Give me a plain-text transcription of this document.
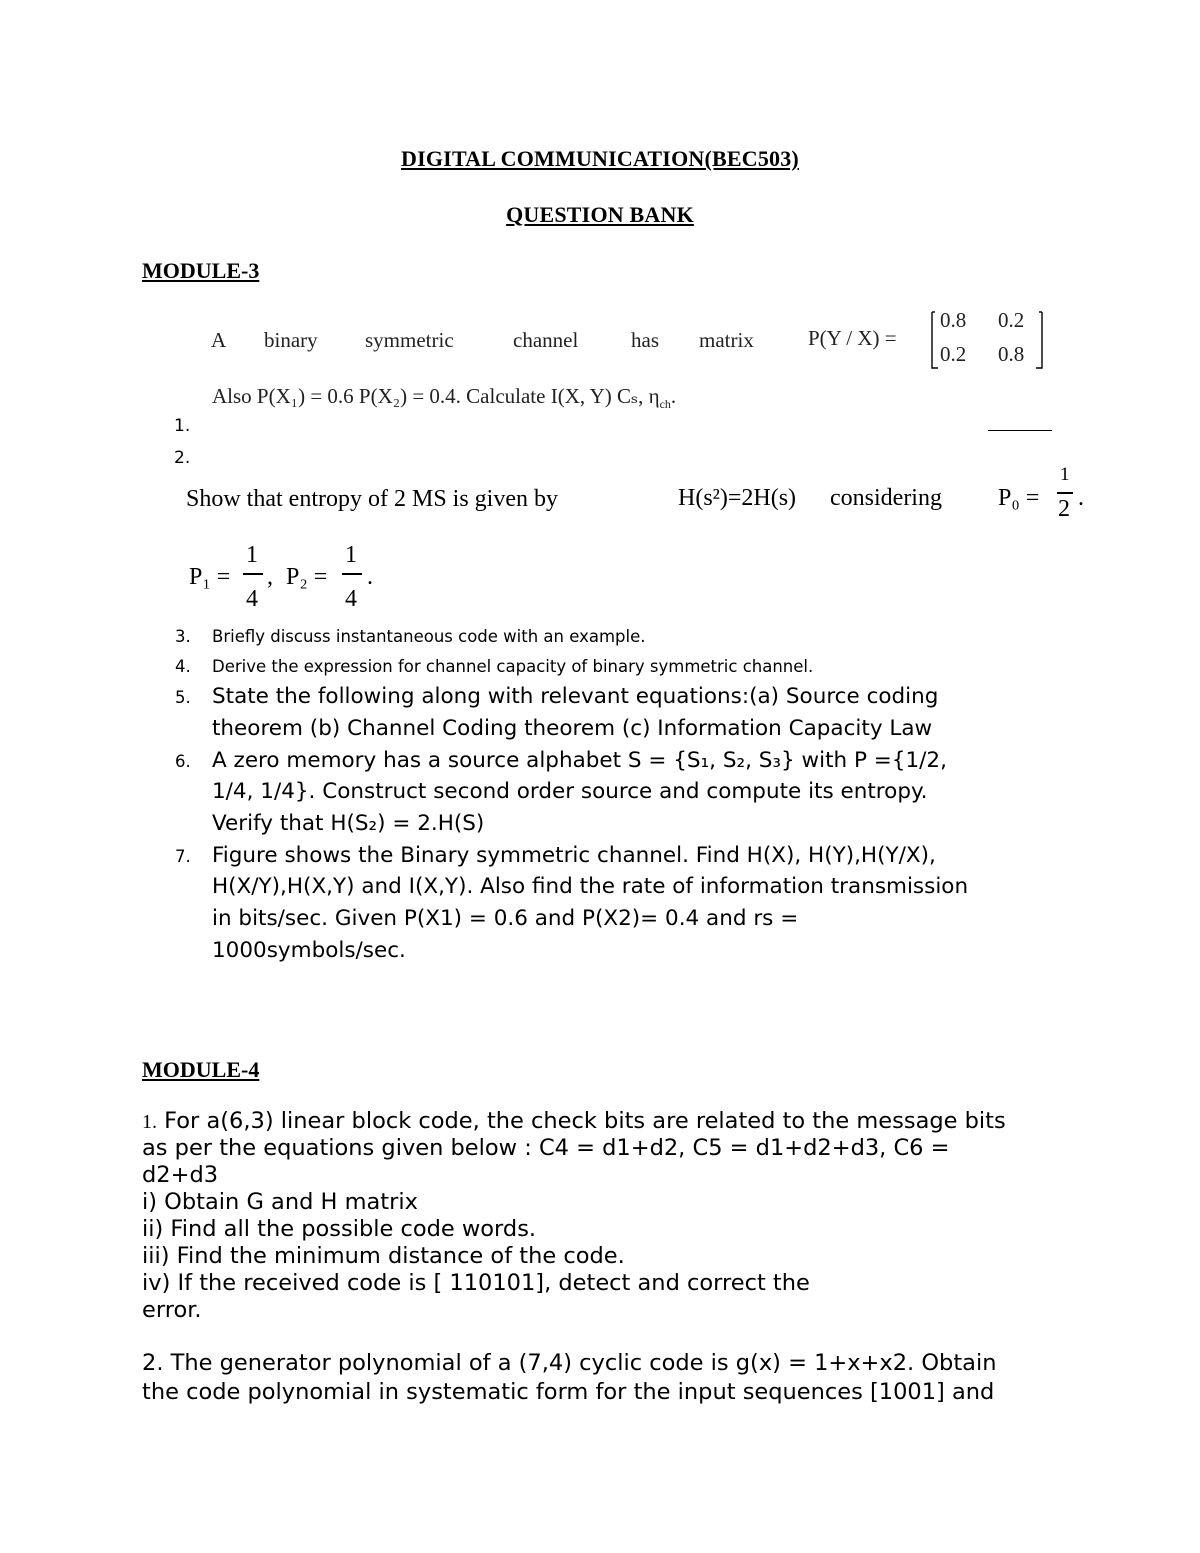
DIGITAL COMMUNICATION(BEC503)
QUESTION BANK
MODULE-3
A binary symmetric	channel	has matrix	P(Y / X) =
0.8 0.2
0.2 0.8
Also P(X₁) = 0.6 P(X₂) = 0.4. Calculate I(X, Y) Cₛ, $\eta_{ch}$.
1.
2.
Show that entropy of 2 MS is given by	H(s²)=2H(s) considering P₀ =
1
2 .
P₁ =
1
4
, P₂ =
1
4
.
3. Briefly discuss instantaneous code with an example.
4. Derive the expression for channel capacity of binary symmetric channel.
5. State the following along with relevant equations:(a) Source coding
theorem (b) Channel Coding theorem (c) Information Capacity Law
6. A zero memory has a source alphabet S = {S₁, S₂, S₃} with P ={1/2,
1/4, 1/4}. Construct second order source and compute its entropy.
Verify that H(S₂) = 2.H(S)
7. Figure shows the Binary symmetric channel. Find H(X), H(Y),H(Y/X),
H(X/Y),H(X,Y) and I(X,Y). Also find the rate of information transmission
in bits/sec. Given P(X1) = 0.6 and P(X2)= 0.4 and rs =
1000symbols/sec.
MODULE-4
1. For a(6,3) linear block code, the check bits are related to the message bits
as per the equations given below : C4 = d1+d2, C5 = d1+d2+d3, C6 =
d2+d3
i) Obtain G and H matrix
ii) Find all the possible code words.
iii) Find the minimum distance of the code.
iv) If the received code is [ 110101], detect and correct the
error.
2. The generator polynomial of a (7,4) cyclic code is g(x) = 1+x+x2. Obtain
the code polynomial in systematic form for the input sequences [1001] and
